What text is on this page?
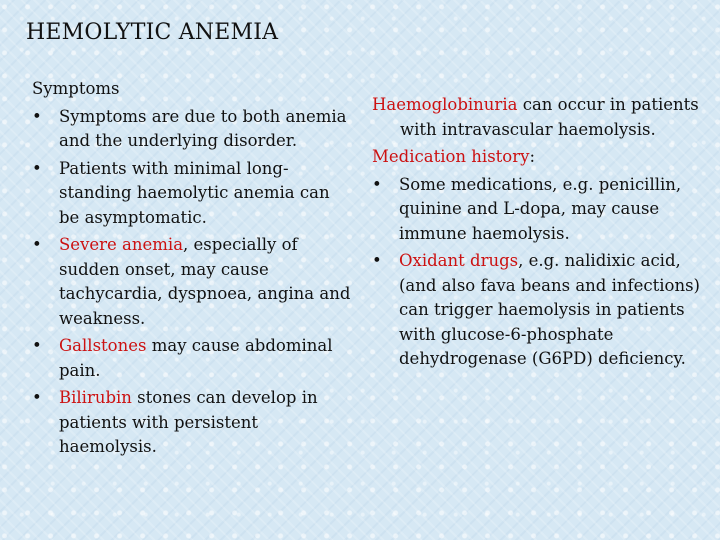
HEMOLYTIC ANEMIA
Symptoms
• Symptoms are due to both anemia and the underlying disorder.
• Patients with minimal long-standing haemolytic anemia can be asymptomatic.
• Severe anemia, especially of sudden onset, may cause tachycardia, dyspnoea, angina and weakness.
• Gallstones may cause abdominal pain.
• Bilirubin stones can develop in patients with persistent haemolysis.

Haemoglobinuria can occur in patients with intravascular haemolysis.

Medication history:

• Some medications, e.g. penicillin, quinine and L-dopa, may cause immune haemolysis.
• Oxidant drugs, e.g. nalidixic acid, (and also fava beans and infections) can trigger haemolysis in patients with glucose-6-phosphate dehydrogenase (G6PD) deficiency.
